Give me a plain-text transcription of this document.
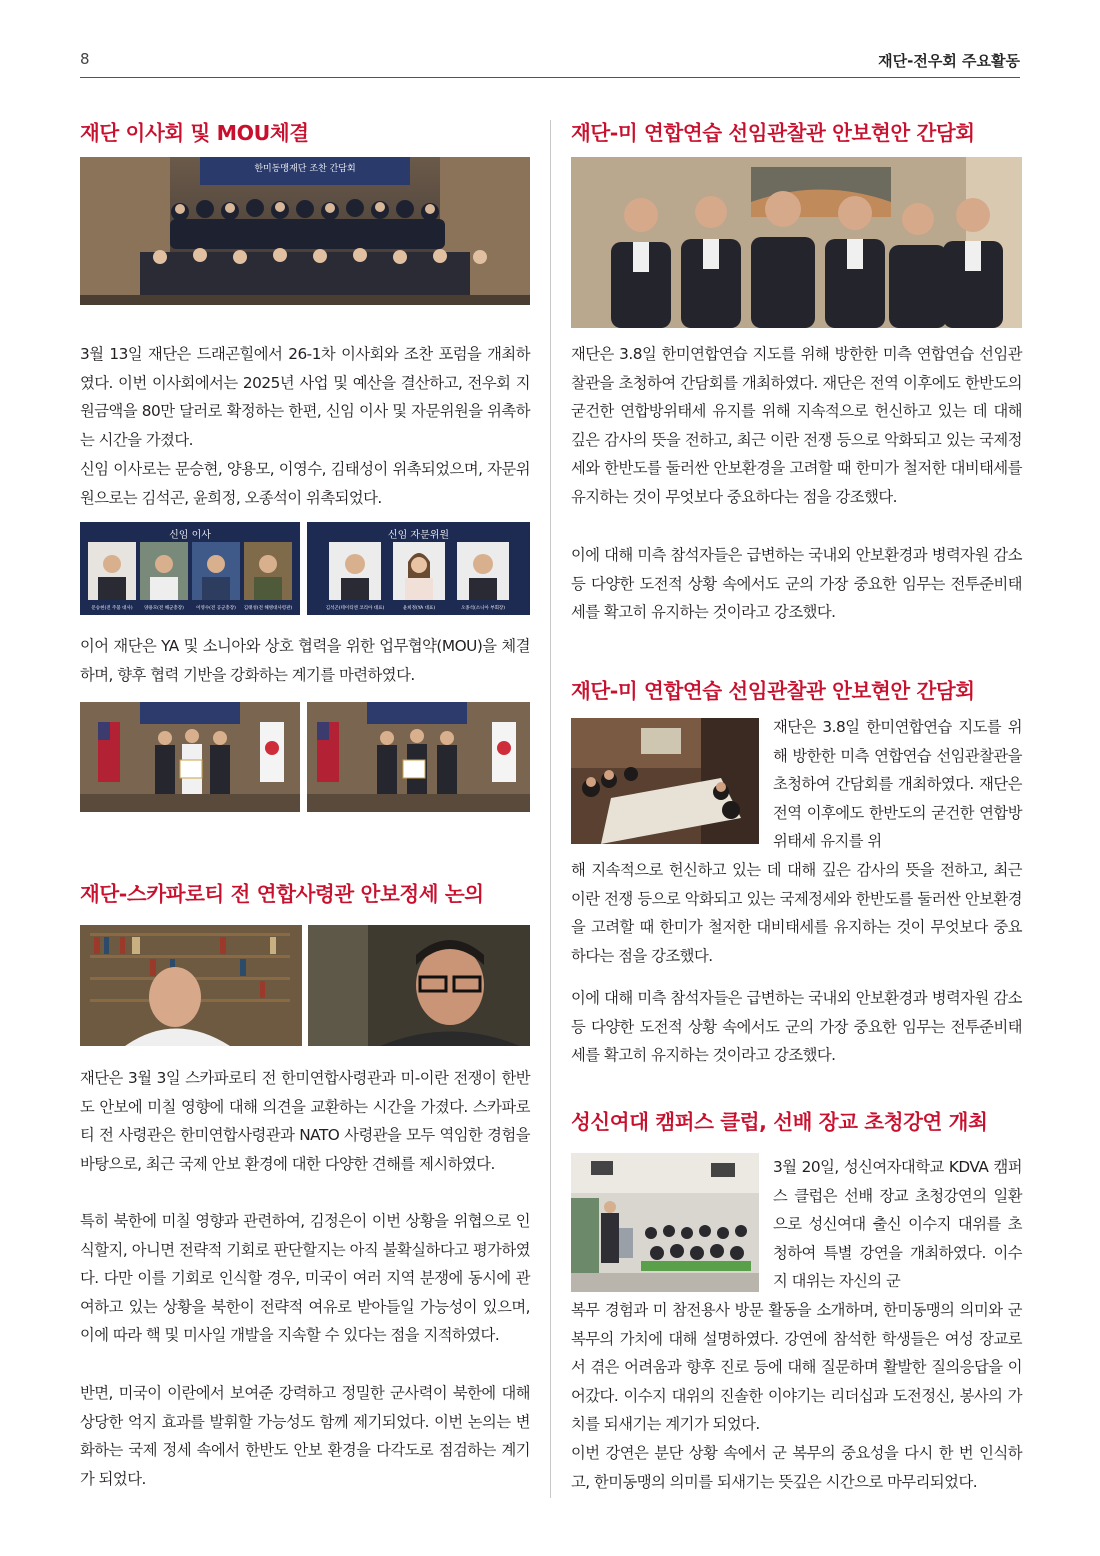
8	재단-전우회 주요활동
재단 이사회 및 MOU체결
한미동맹재단 조찬 간담회

3월 13일 재단은 드래곤힐에서 26-1차 이사회와 조찬 포럼을 개최하였다. 이번 이사회에서는 2025년 사업 및 예산을 결산하고, 전우회 지원금액을 80만 달러로 확정하는 한편, 신임 이사 및 자문위원을 위촉하는 시간을 가졌다.

신임 이사로는 문승현, 양용모, 이영수, 김태성이 위촉되었으며, 자문위원으로는 김석곤, 윤희정, 오종석이 위촉되었다.

신임 이사
문승현(전 주불 대사)	양용모(전 해군총장)	이영수(전 공군총장)	김태성(전 해병대사령관)
신임 자문위원
김석곤(테이티엔 코리아 대표)	윤희정(YA 대표)	오종석(소니아 부회장)

이어 재단은 YA 및 소니아와 상호 협력을 위한 업무협약(MOU)을 체결하며, 향후 협력 기반을 강화하는 계기를 마련하였다.

재단-스카파로티 전 연합사령관 안보정세 논의

재단은 3월 3일 스카파로티 전 한미연합사령관과 미-이란 전쟁이 한반도 안보에 미칠 영향에 대해 의견을 교환하는 시간을 가졌다. 스카파로티 전 사령관은 한미연합사령관과 NATO 사령관을 모두 역임한 경험을 바탕으로, 최근 국제 안보 환경에 대한 다양한 견해를 제시하였다.

특히 북한에 미칠 영향과 관련하여, 김정은이 이번 상황을 위협으로 인식할지, 아니면 전략적 기회로 판단할지는 아직 불확실하다고 평가하였다. 다만 이를 기회로 인식할 경우, 미국이 여러 지역 분쟁에 동시에 관여하고 있는 상황을 북한이 전략적 여유로 받아들일 가능성이 있으며, 이에 따라 핵 및 미사일 개발을 지속할 수 있다는 점을 지적하였다.

반면, 미국이 이란에서 보여준 강력하고 정밀한 군사력이 북한에 대해 상당한 억지 효과를 발휘할 가능성도 함께 제기되었다. 이번 논의는 변화하는 국제 정세 속에서 한반도 안보 환경을 다각도로 점검하는 계기가 되었다.

재단-미 연합연습 선임관찰관 안보현안 간담회

재단은 3.8일 한미연합연습 지도를 위해 방한한 미측 연합연습 선임관찰관을 초청하여 간담회를 개최하였다. 재단은 전역 이후에도 한반도의 굳건한 연합방위태세 유지를 위해 지속적으로 헌신하고 있는 데 대해 깊은 감사의 뜻을 전하고, 최근 이란 전쟁 등으로 악화되고 있는 국제정세와 한반도를 둘러싼 안보환경을 고려할 때 한미가 철저한 대비태세를 유지하는 것이 무엇보다 중요하다는 점을 강조했다.

이에 대해 미측 참석자들은 급변하는 국내외 안보환경과 병력자원 감소 등 다양한 도전적 상황 속에서도 군의 가장 중요한 임무는 전투준비태세를 확고히 유지하는 것이라고 강조했다.

재단-미 연합연습 선임관찰관 안보현안 간담회

재단은 3.8일 한미연합연습 지도를 위해 방한한 미측 연합연습 선임관찰관을 초청하여 간담회를 개최하였다. 재단은 전역 이후에도 한반도의 굳건한 연합방위태세 유지를 위

해 지속적으로 헌신하고 있는 데 대해 깊은 감사의 뜻을 전하고, 최근 이란 전쟁 등으로 악화되고 있는 국제정세와 한반도를 둘러싼 안보환경을 고려할 때 한미가 철저한 대비태세를 유지하는 것이 무엇보다 중요하다는 점을 강조했다.

이에 대해 미측 참석자들은 급변하는 국내외 안보환경과 병력자원 감소 등 다양한 도전적 상황 속에서도 군의 가장 중요한 임무는 전투준비태세를 확고히 유지하는 것이라고 강조했다.

성신여대 캠퍼스 클럽, 선배 장교 초청강연 개최

3월 20일, 성신여자대학교 KDVA 캠퍼스 클럽은 선배 장교 초청강연의 일환으로 성신여대 출신 이수지 대위를 초청하여 특별 강연을 개최하였다. 이수지 대위는 자신의 군

복무 경험과 미 참전용사 방문 활동을 소개하며, 한미동맹의 의미와 군 복무의 가치에 대해 설명하였다. 강연에 참석한 학생들은 여성 장교로서 겪은 어려움과 향후 진로 등에 대해 질문하며 활발한 질의응답을 이어갔다. 이수지 대위의 진솔한 이야기는 리더십과 도전정신, 봉사의 가치를 되새기는 계기가 되었다.

이번 강연은 분단 상황 속에서 군 복무의 중요성을 다시 한 번 인식하고, 한미동맹의 의미를 되새기는 뜻깊은 시간으로 마무리되었다.
